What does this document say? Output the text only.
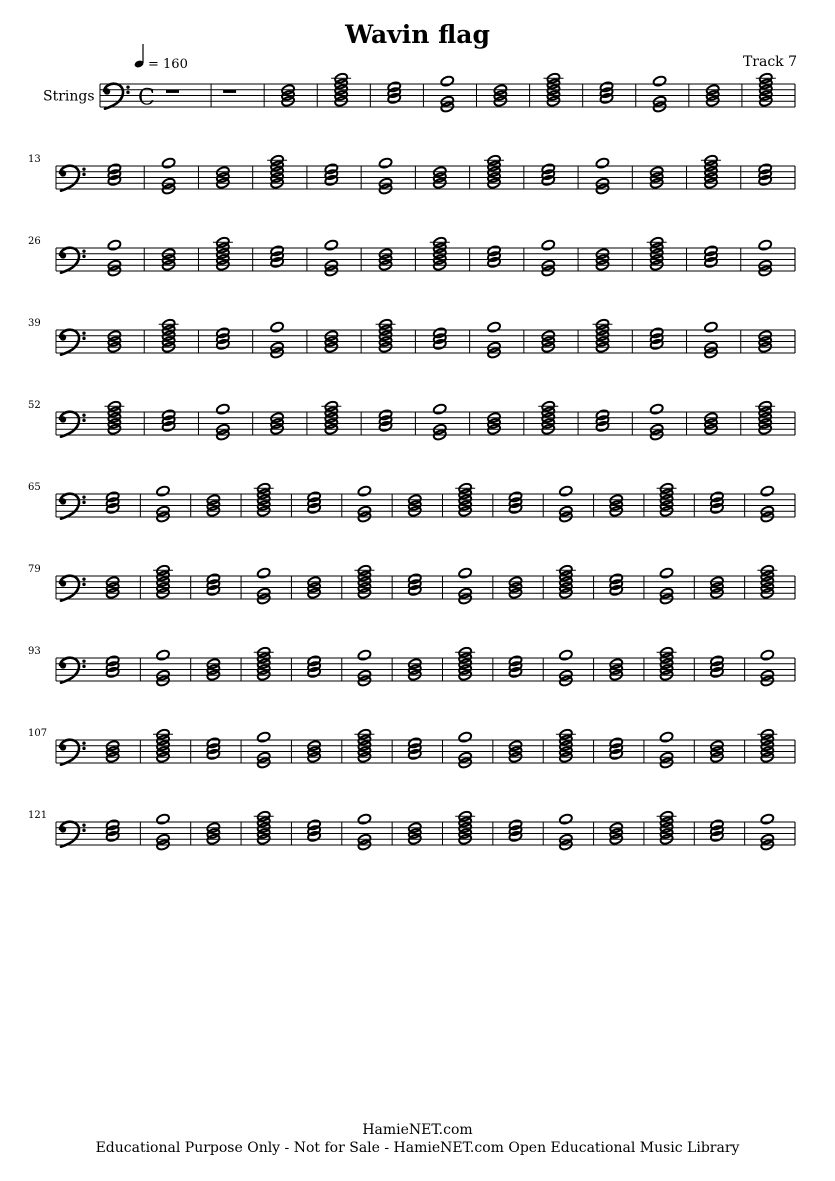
Wavin flag
Track 7
Strings C
= 160
13
26
39
52
65
79
93
107
121
HamieNET.com
Educational Purpose Only - Not for Sale - HamieNET.com Open Educational Music Library
